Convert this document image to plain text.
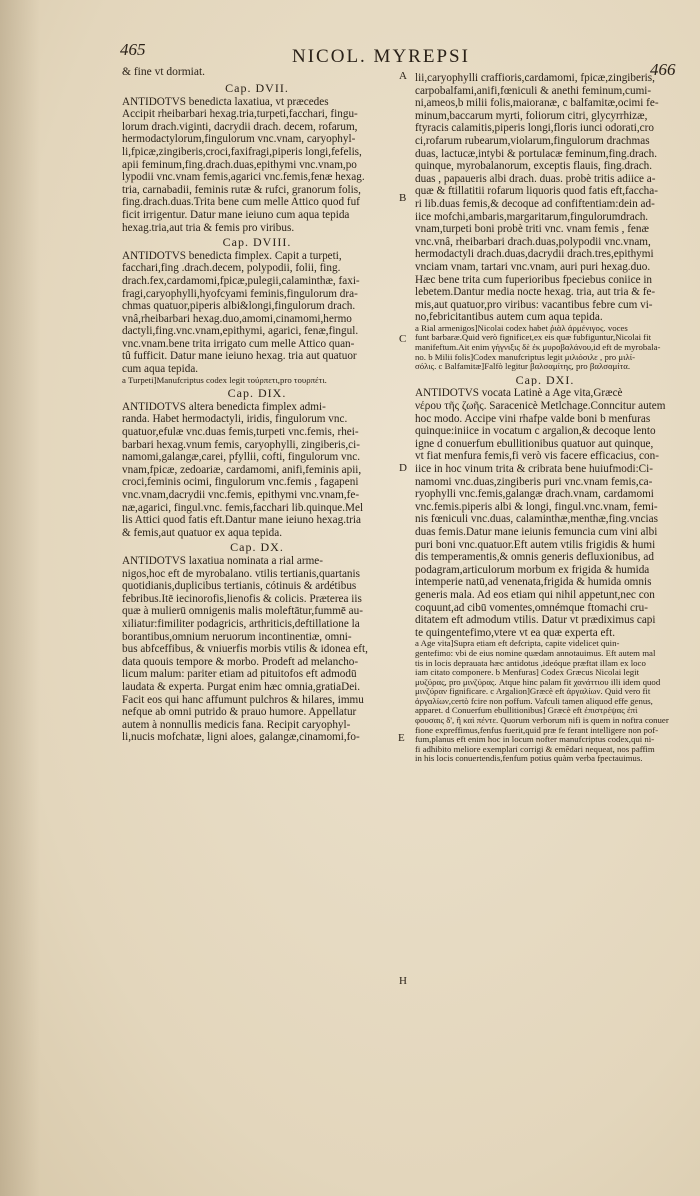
465	NICOL. MYREPSI
466
& fine vt dormiat.	A
B
C
D
E
H
Cap. DVII.
ANTIDOTVS benedicta laxatiua, vt præcedes
Accipit rheibarbari hexag.tria,turpeti,facchari, fingu-
lorum drach.viginti, dacrydii drach. decem, rofarum,
hermodactylorum,fingulorum vnc.vnam, caryophyl-
li,fpicæ,zingiberis,croci,faxifragi,piperis longi,fefelis,
apii feminum,fing.drach.duas,epithymi vnc.vnam,po
lypodii vnc.vnam femis,agarici vnc.femis,fenæ hexag.
tria, carnabadii, feminis rutæ & rufci, granorum folis,
fing.drach.duas.Trita bene cum melle Attico quod fuf
ficit irrigentur. Datur mane ieiuno cum aqua tepida
hexag.tria,aut tria & femis pro viribus.
Cap. DVIII.
ANTIDOTVS benedicta fimplex. Capit a turpeti,
facchari,fing .drach.decem, polypodii, folii, fing.
drach.fex,cardamomi,fpicæ,pulegii,calaminthæ, faxi-
fragi,caryophylli,hyofcyami feminis,fingulorum dra-
chmas quatuor,piperis albi&longi,fingulorum drach.
vnâ,rheibarbari hexag.duo,amomi,cinamomi,hermo
dactyli,fing.vnc.vnam,epithymi, agarici, fenæ,fingul.
vnc.vnam.bene trita irrigato cum melle Attico quan-
tû fufficit. Datur mane ieiuno hexag. tria aut quatuor
cum aqua tepida.
a Turpeti]Manufcriptus codex legit τούρπετι,pro τουρπέτι.
Cap. DIX.
ANTIDOTVS altera benedicta fimplex admi-
randa. Habet hermodactyli, iridis, fingulorum vnc.
quatuor,efulæ vnc.duas femis,turpeti vnc.femis, rhei-
barbari hexag.vnum femis, caryophylli, zingiberis,ci-
namomi,galangæ,carei, pfyllii, cofti, fingulorum vnc.
vnam,fpicæ, zedoariæ, cardamomi, anifi,feminis apii,
croci,feminis ocimi, fingulorum vnc.femis , fagapeni
vnc.vnam,dacrydii vnc.femis, epithymi vnc.vnam,fe-
næ,agarici, fingul.vnc. femis,facchari lib.quinque.Mel
lis Attici quod fatis eft.Dantur mane ieiuno hexag.tria
& femis,aut quatuor ex aqua tepida.
Cap. DX.
ANTIDOTVS laxatiua nominata a rial arme-
nigos,hoc eft de myrobalano. vtilis tertianis,quartanis
quotidianis,duplicibus tertianis, cótinuis & ardétibus
febribus.Itē iecinorofis,lienofis & colicis. Præterea iis
quæ à mulierū omnigenis malis moleftātur,fummē au-
xiliatur:fimiliter podagricis, arthriticis,deftillatione la
borantibus,omnium neruorum incontinentiæ, omni-
bus abfceffibus, & vniuerfis morbis vtilis & idonea eft,
data quouis tempore & morbo. Prodeft ad melancho-
licum malum: pariter etiam ad pituitofos eft admodū
laudata & experta. Purgat enim hæc omnia,gratiaDei.
Facit eos qui hanc affumunt pulchros & hilares, immu
nefque ab omni putrido & prauo humore. Appellatur
autem à nonnullis medicis fana. Recipit caryophyl-
li,nucis mofchatæ, ligni aloes, galangæ,cinamomi,fo-
lii,caryophylli craffioris,cardamomi, fpicæ,zingiberis,
carpobalfami,anifi,fœniculi & anethi feminum,cumi-
ni,ameos,b milii folis,maioranæ, c balfamitæ,ocimi fe-
minum,baccarum myrti, foliorum citri, glycyrrhizæ,
ftyracis calamitis,piperis longi,floris iunci odorati,cro
ci,rofarum rubearum,violarum,fingulorum drachmas
duas, lactucæ,intybi & portulacæ feminum,fing.drach.
quinque, myrobalanorum, exceptis flauis, fing.drach.
duas , papaueris albi drach. duas. probè tritis adiice a-
quæ & ftillatitii rofarum liquoris quod fatis eft,faccha-
ri lib.duas femis,& decoque ad confiftentiam:dein ad-
iice mofchi,ambaris,margaritarum,fingulorumdrach.
vnam,turpeti boni probè triti vnc. vnam femis , fenæ
vnc.vnâ, rheibarbari drach.duas,polypodii vnc.vnam,
hermodactyli drach.duas,dacrydii drach.tres,epithymi
vnciam vnam, tartari vnc.vnam, auri puri hexag.duo.
Hæc bene trita cum fuperioribus fpeciebus coniice in
lebetem.Dantur media nocte hexag. tria, aut tria & fe-
mis,aut quatuor,pro viribus: vacantibus febre cum vi-
no,febricitantibus autem cum aqua tepida.
a Rial armenigos]Nicolai codex habet ῥιὰλ ἀρμένιγος. voces
funt barbaræ.Quid verò fignificet,ex eis quæ fubfiguntur,Nicolai fit
manifeftum.Ait enim γήγνιξις δὲ ἐκ μυροβαλάνου,id eft de myrobala-
no. b Milii folis]Codex manufcriptus legit μιλιόσιλε , pro μιλί-
σόλις. c Balfamitæ]Falfò legitur βαλσαμίτης, pro βαλσαμίτα.
Cap. DXI.
ANTIDOTVS vocata Latinè a Age vita,Græcè
νέρου τῆς ζωῆς. Saracenicè Metlchage.Conncitur autem
hoc modo. Accipe vini rhafpe valde boni b menfuras
quinque:iniice in vocatum c argalion,& decoque lento
igne d conuerfum ebullitionibus quatuor aut quinque,
vt fiat menfura femis,fi verò vis facere efficacius, con-
iice in hoc vinum trita & cribrata bene huiufmodi:Ci-
namomi vnc.duas,zingiberis puri vnc.vnam femis,ca-
ryophylli vnc.femis,galangæ drach.vnam, cardamomi
vnc.femis.piperis albi & longi, fingul.vnc.vnam, femi-
nis fœniculi vnc.duas, calaminthæ,menthæ,fing.vncias
duas femis.Datur mane ieiunis femuncia cum vini albi
puri boni vnc.quatuor.Eft autem vtilis frigidis & humi
dis temperamentis,& omnis generis defluxionibus, ad
podagram,articulorum morbum ex frigida & humida
intemperie natū,ad venenata,frigida & humida omnis
generis mala. Ad eos etiam qui nihil appetunt,nec con
coquunt,ad cibū vomentes,omnémque ftomachi cru-
ditatem eft admodum vtilis. Datur vt prædiximus capi
te quingentefimo,vtere vt ea quæ experta eft.
a Age vita]Supra etiam eft defcripta, capite videlicet quin-
gentefimo: vbi de eius nomine quædam annotauimus. Eft autem mal
tis in locis deprauata hæc antidotus ,ideóque præftat illam ex loco
iam citato componere. b Menfuras] Codex Græcus Nicolai legit
μυζύρας, pro μινζύρας. Atque hinc palam fit χανάττιου illi idem quod
μινζύραν fignificare. c Argalion]Græcè eft ἀργαλίων. Quid vero fit
ἀργαλίων,certò fcire non poffum. Vafculi tamen aliquod effe genus,
apparet. d Conuerfum ebullitionibus] Græcè eft ἐπιστρέψας ἐπὶ
φουσαις δ', ἢ καὶ πέντε. Quorum verborum nifi is quem in noftra conuer
fione expreffimus,fenfus fuerit,quid præ fe ferant intelligere non pof-
fum,planus eft enim hoc in locum nofter manufcriptus codex,qui ni-
fi adhibito meliore exemplari corrigi & emēdari nequeat, nos paffim
in his locis conuertendis,fenfum potius quàm verba fpectauimus.
